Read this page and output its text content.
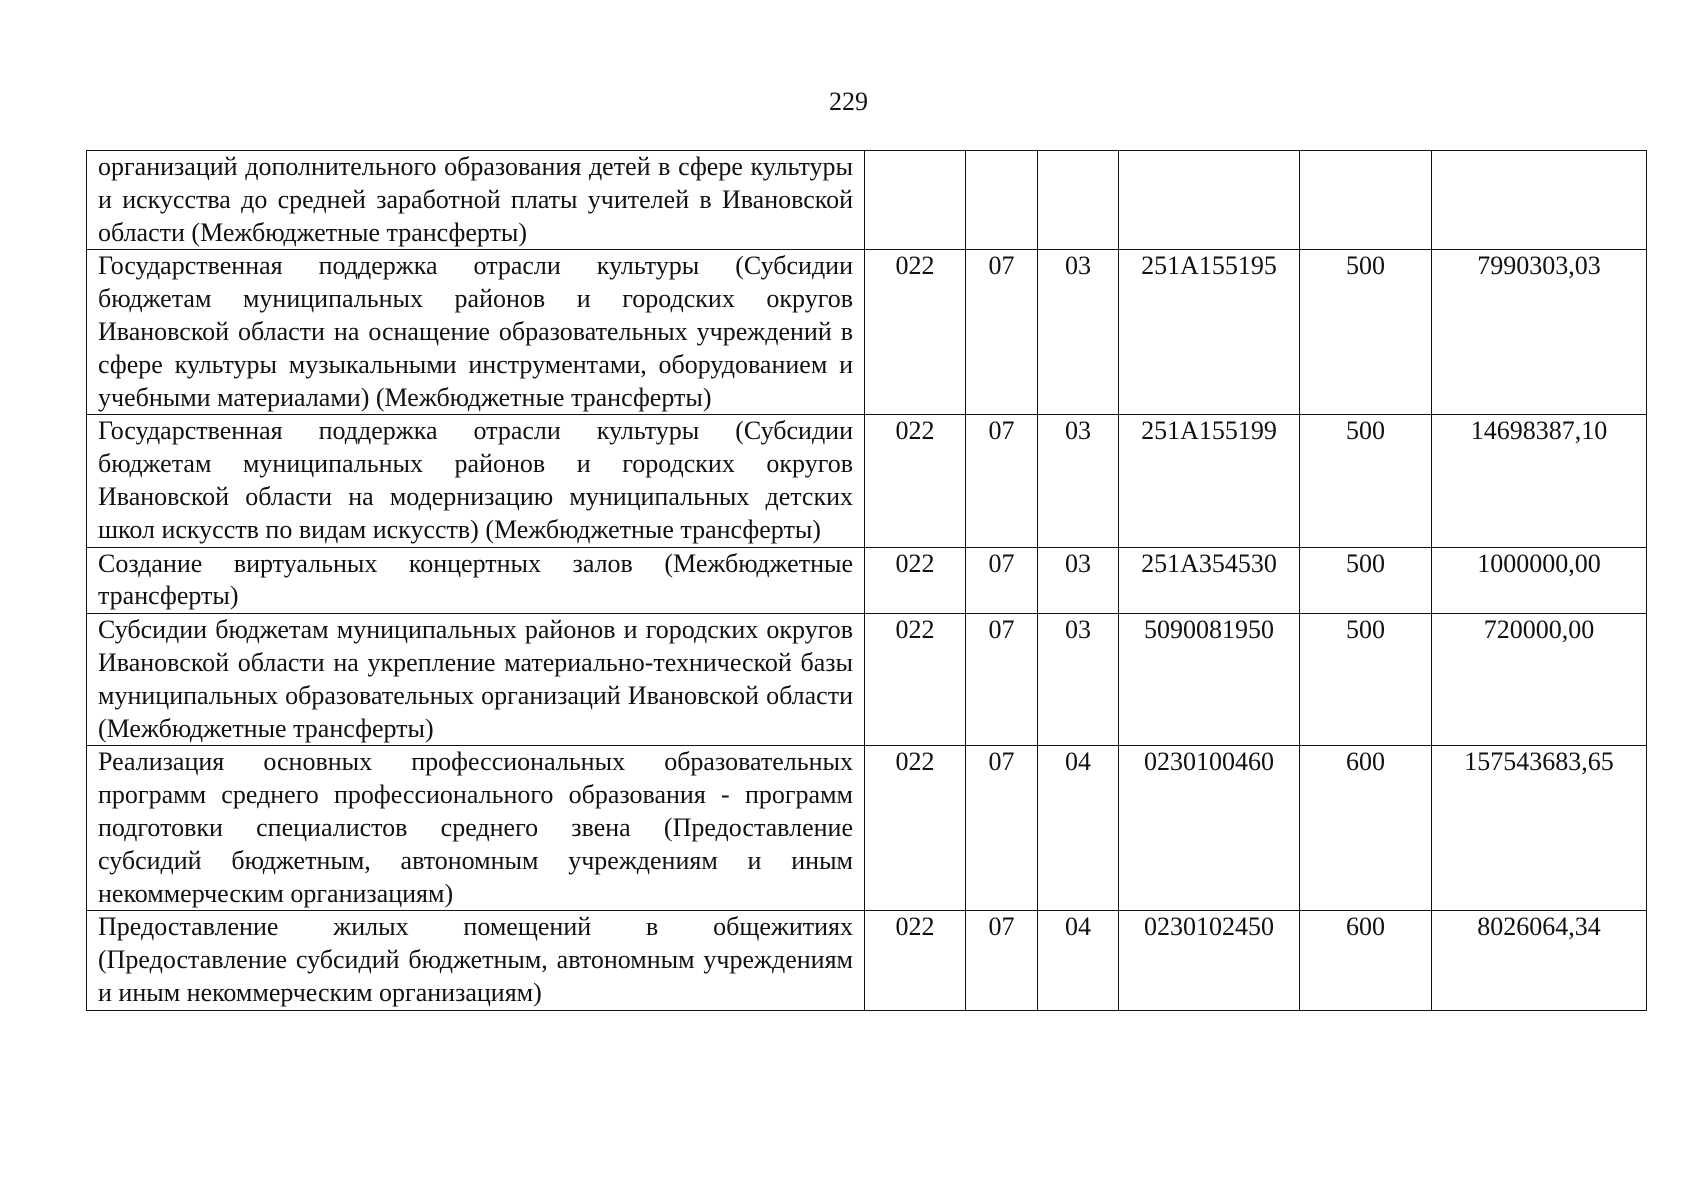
229
организаций дополнительного образования детей в сфере культуры и искусства до средней заработной платы учителей в Ивановской области (Межбюджетные трансферты)						
Государственная поддержка отрасли культуры (Субсидии бюджетам муниципальных районов и городских округов Ивановской области на оснащение образовательных учреждений в сфере культуры музыкальными инструментами, оборудованием и учебными материалами) (Межбюджетные трансферты)	022	07	03	251A155195	500	7990303,03
Государственная поддержка отрасли культуры (Субсидии бюджетам муниципальных районов и городских округов Ивановской области на модернизацию муниципальных детских школ искусств по видам искусств) (Межбюджетные трансферты)	022	07	03	251A155199	500	14698387,10
Создание виртуальных концертных залов (Межбюджетные трансферты)	022	07	03	251A354530	500	1000000,00
Субсидии бюджетам муниципальных районов и городских округов Ивановской области на укрепление материально-технической базы муниципальных образовательных организаций Ивановской области (Межбюджетные трансферты)	022	07	03	5090081950	500	720000,00
Реализация основных профессиональных образовательных программ среднего профессионального образования - программ подготовки специалистов среднего звена (Предоставление субсидий бюджетным, автономным учреждениям и иным некоммерческим организациям)	022	07	04	0230100460	600	157543683,65
Предоставление жилых помещений в общежитиях (Предоставление субсидий бюджетным, автономным учреждениям и иным некоммерческим организациям)	022	07	04	0230102450	600	8026064,34
